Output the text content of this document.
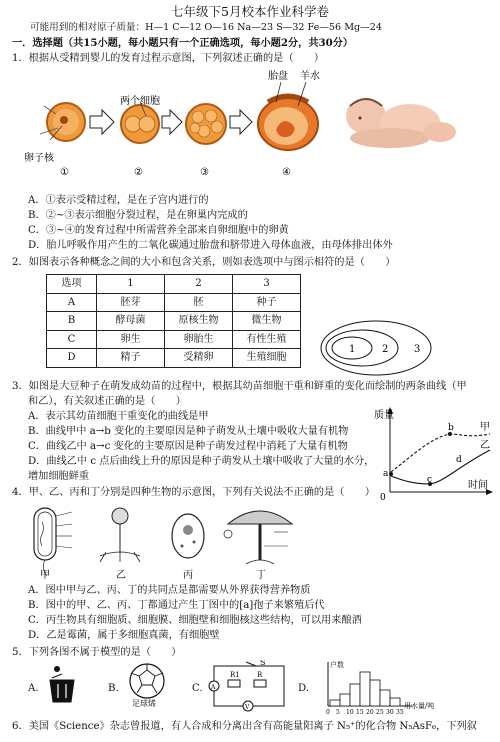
七年级下5月校本作业科学卷
可能用到的相对原子质量：H—1 C—12 O—16 Na—23 S—32 Fe—56 Mg—24
一．选择题（共15小题，每小题只有一个正确选项，每小题2分，共30分）
1．根据从受精到婴儿的发育过程示意图，下列叙述正确的是（　　）
卵子核
两个细胞
胎盘 羊水
①	②	③	④
A．①表示受精过程，是在子宫内进行的
B．②~③表示细胞分裂过程，是在卵巢内完成的
C．③~④的发育过程中所需营养全部来自卵细胞中的卵黄
D．胎儿呼吸作用产生的二氧化碳通过胎盘和脐带进入母体血液，由母体排出体外
2．如图表示各种概念之间的大小和包含关系，则如表选项中与图示相符的是（　　）
选项	1	2	3
A	胚芽	胚	种子
B	酵母菌	原核生物	微生物
C	卵生	卵胎生	有性生殖
D	精子	受精卵	生殖细胞
1	2	3
3．如图是大豆种子在萌发成幼苗的过程中，根据其幼苗细胞干重和鲜重的变化而绘制的两条曲线（甲
和乙），有关叙述正确的是（　　）
A．表示其幼苗细胞干重变化的曲线是甲
B．曲线甲中 a→b 变化的主要原因是种子萌发从土壤中吸收大量有机物
C．曲线乙中 a→c 变化的主要原因是种子萌发过程中消耗了大量有机物
D．曲线乙中 c 点后曲线上升的原因是种子萌发从土壤中吸收了大量的水分，
增加细胞鲜重
质量
0
时间
a
b
c
d
甲
乙
4．甲、乙、丙和丁分别是四种生物的示意图，下列有关说法不正确的是（　　）
甲	乙	丙	丁
A．图中甲与乙、丙、丁的共同点是都需要从外界获得营养物质
B．图中的甲、乙、丙、丁都通过产生丁图中的[a]孢子来繁殖后代
C．丙生物具有细胞质、细胞膜、细胞壁和细胞核这些结构，可以用来酿酒
D．乙是霉菌，属于多细胞真菌，有细胞壁
5．下列各图不属于模型的是（　　）
A.	B.
足球烯
C.
S
R1 R
V
A	D.
户数
用水量/吨
0 5 10 15 20 25 30 35
6．美国《Science》杂志曾报道，有人合成和分离出含有高能量阳离子 N₅⁺的化合物 N₅AsF₆，下列叙
